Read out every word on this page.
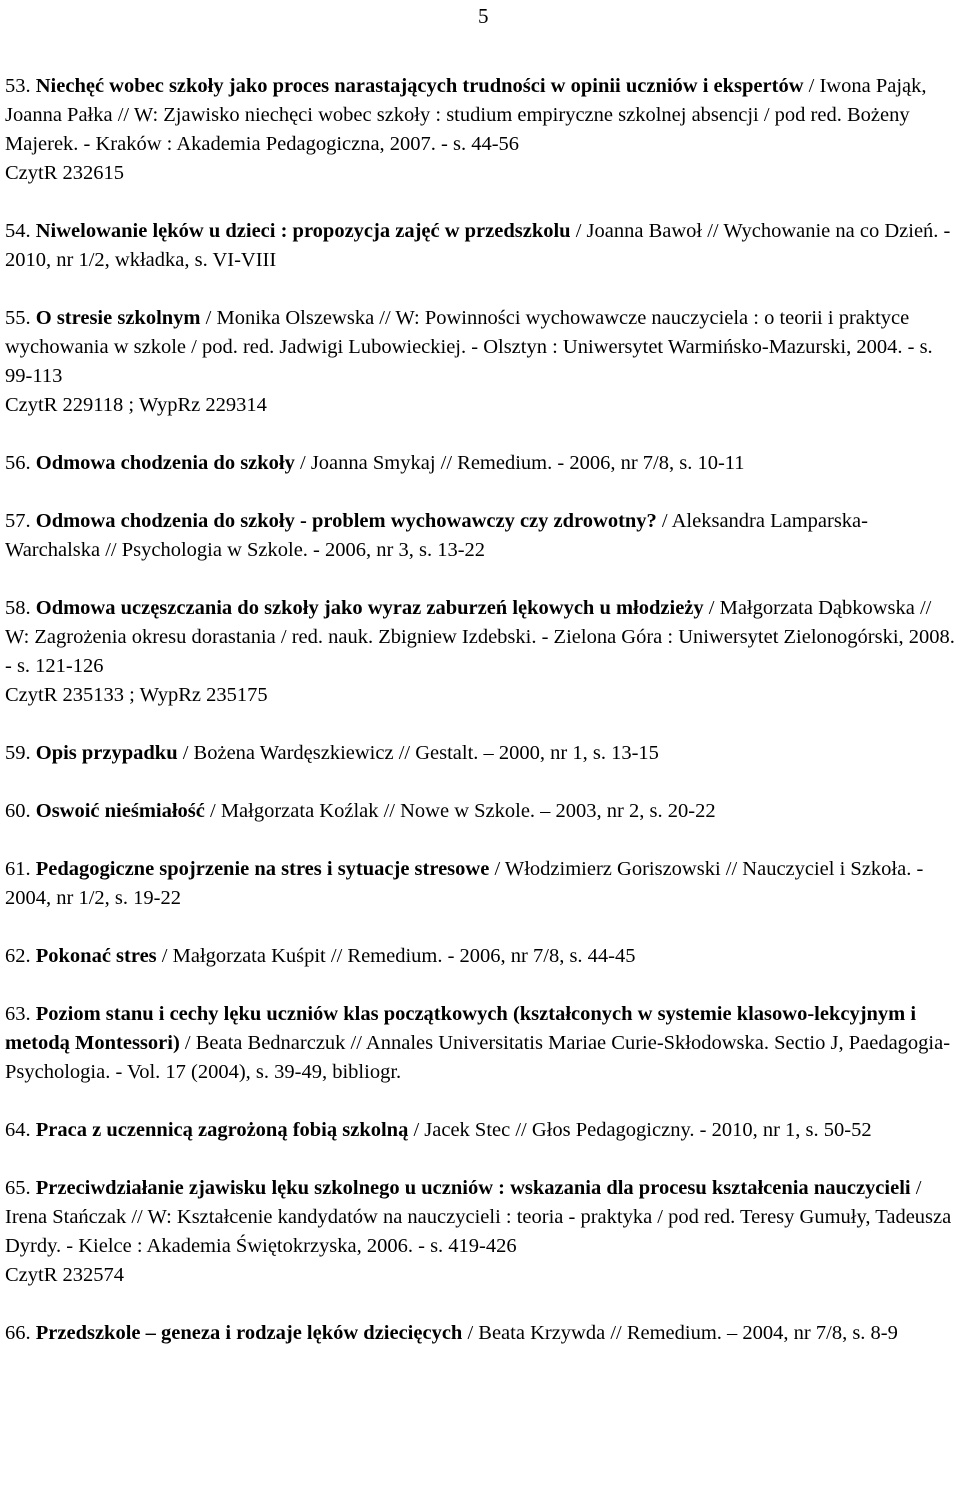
5
53. Niechęć wobec szkoły jako proces narastających trudności w opinii uczniów i ekspertów / Iwona Pająk, Joanna Pałka // W: Zjawisko niechęci wobec szkoły : studium empiryczne szkolnej absencji / pod red. Bożeny Majerek. - Kraków : Akademia Pedagogiczna, 2007. - s. 44-56
CzytR 232615
54. Niwelowanie lęków u dzieci : propozycja zajęć w przedszkolu / Joanna Bawoł // Wychowanie na co Dzień. - 2010, nr 1/2, wkładka, s. VI-VIII
55. O stresie szkolnym / Monika Olszewska // W: Powinności wychowawcze nauczyciela : o teorii i praktyce wychowania w szkole / pod. red. Jadwigi Lubowieckiej. - Olsztyn : Uniwersytet Warmińsko-Mazurski, 2004. - s. 99-113
CzytR 229118 ; WypRz 229314
56. Odmowa chodzenia do szkoły / Joanna Smykaj // Remedium. - 2006, nr 7/8, s. 10-11
57. Odmowa chodzenia do szkoły - problem wychowawczy czy zdrowotny? / Aleksandra Lamparska-Warchalska // Psychologia w Szkole. - 2006, nr 3, s. 13-22
58. Odmowa uczęszczania do szkoły jako wyraz zaburzeń lękowych u młodzieży / Małgorzata Dąbkowska // W: Zagrożenia okresu dorastania / red. nauk. Zbigniew Izdebski. - Zielona Góra : Uniwersytet Zielonogórski, 2008. - s. 121-126
CzytR 235133 ; WypRz 235175
59. Opis przypadku / Bożena Wardęszkiewicz // Gestalt. – 2000, nr 1, s. 13-15
60. Oswoić nieśmiałość / Małgorzata Koźlak // Nowe w Szkole. – 2003, nr 2, s. 20-22
61. Pedagogiczne spojrzenie na stres i sytuacje stresowe / Włodzimierz Goriszowski // Nauczyciel i Szkoła. - 2004, nr 1/2, s. 19-22
62. Pokonać stres / Małgorzata Kuśpit // Remedium. - 2006, nr 7/8, s. 44-45
63. Poziom stanu i cechy lęku uczniów klas początkowych (kształconych w systemie klasowo-lekcyjnym i metodą Montessori) / Beata Bednarczuk // Annales Universitatis Mariae Curie-Skłodowska. Sectio J, Paedagogia-Psychologia. - Vol. 17 (2004), s. 39-49, bibliogr.
64. Praca z uczennicą zagrożoną fobią szkolną / Jacek Stec // Głos Pedagogiczny. - 2010, nr 1, s. 50-52
65. Przeciwdziałanie zjawisku lęku szkolnego u uczniów : wskazania dla procesu kształcenia nauczycieli / Irena Stańczak // W: Kształcenie kandydatów na nauczycieli : teoria - praktyka / pod red. Teresy Gumuły, Tadeusza Dyrdy. - Kielce : Akademia Świętokrzyska, 2006. - s. 419-426
CzytR 232574
66. Przedszkole – geneza i rodzaje lęków dziecięcych / Beata Krzywda // Remedium. – 2004, nr 7/8, s. 8-9
